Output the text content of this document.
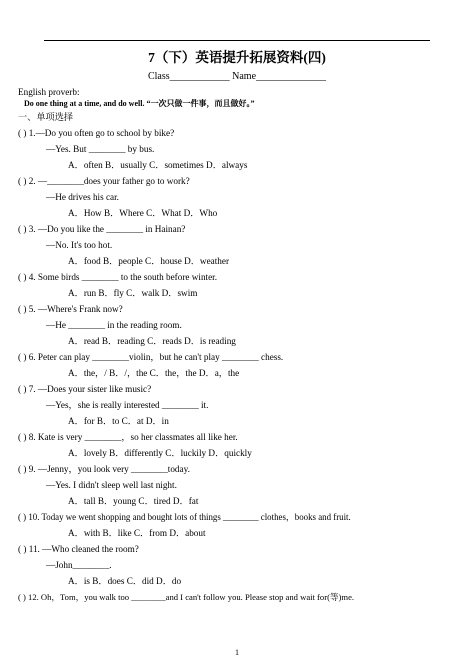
7（下）英语提升拓展资料(四)
Class____________ Name______________
English proverb:
Do one thing at a time, and do well. “一次只做一件事，而且做好。”
一、单项选择
( ) 1.—Do you often go to school by bike?
—Yes. But ________ by bus.
A．often B．usually C．sometimes D．always
( ) 2. —________does your father go to work?
—He drives his car.
A．How B．Where C．What D．Who
( ) 3. —Do you like the ________ in Hainan?
—No. It's too hot.
A．food B．people C．house D．weather
( ) 4. Some birds ________ to the south before winter.
A．run B．fly C．walk D．swim
( ) 5. —Where's Frank now?
—He ________ in the reading room.
A．read B．reading C．reads D．is reading
( ) 6. Peter can play ________violin，but he can't play ________ chess.
A．the，/ B．/，the C．the，the D．a，the
( ) 7. —Does your sister like music?
—Yes，she is really interested ________ it.
A．for B．to C．at D．in
( ) 8. Kate is very ________，so her classmates all like her.
A．lovely B．differently C．luckily D．quickly
( ) 9. —Jenny，you look very ________today.
—Yes. I didn't sleep well last night.
A．tall B．young C．tired D．fat
( ) 10. Today we went shopping and bought lots of things ________ clothes，books and fruit.
A．with B．like C．from D．about
( ) 11. —Who cleaned the room?
—John________.
A．is B．does C．did D．do
( ) 12. Oh，Tom，you walk too ________and I can't follow you. Please stop and wait for(等)me.
1
